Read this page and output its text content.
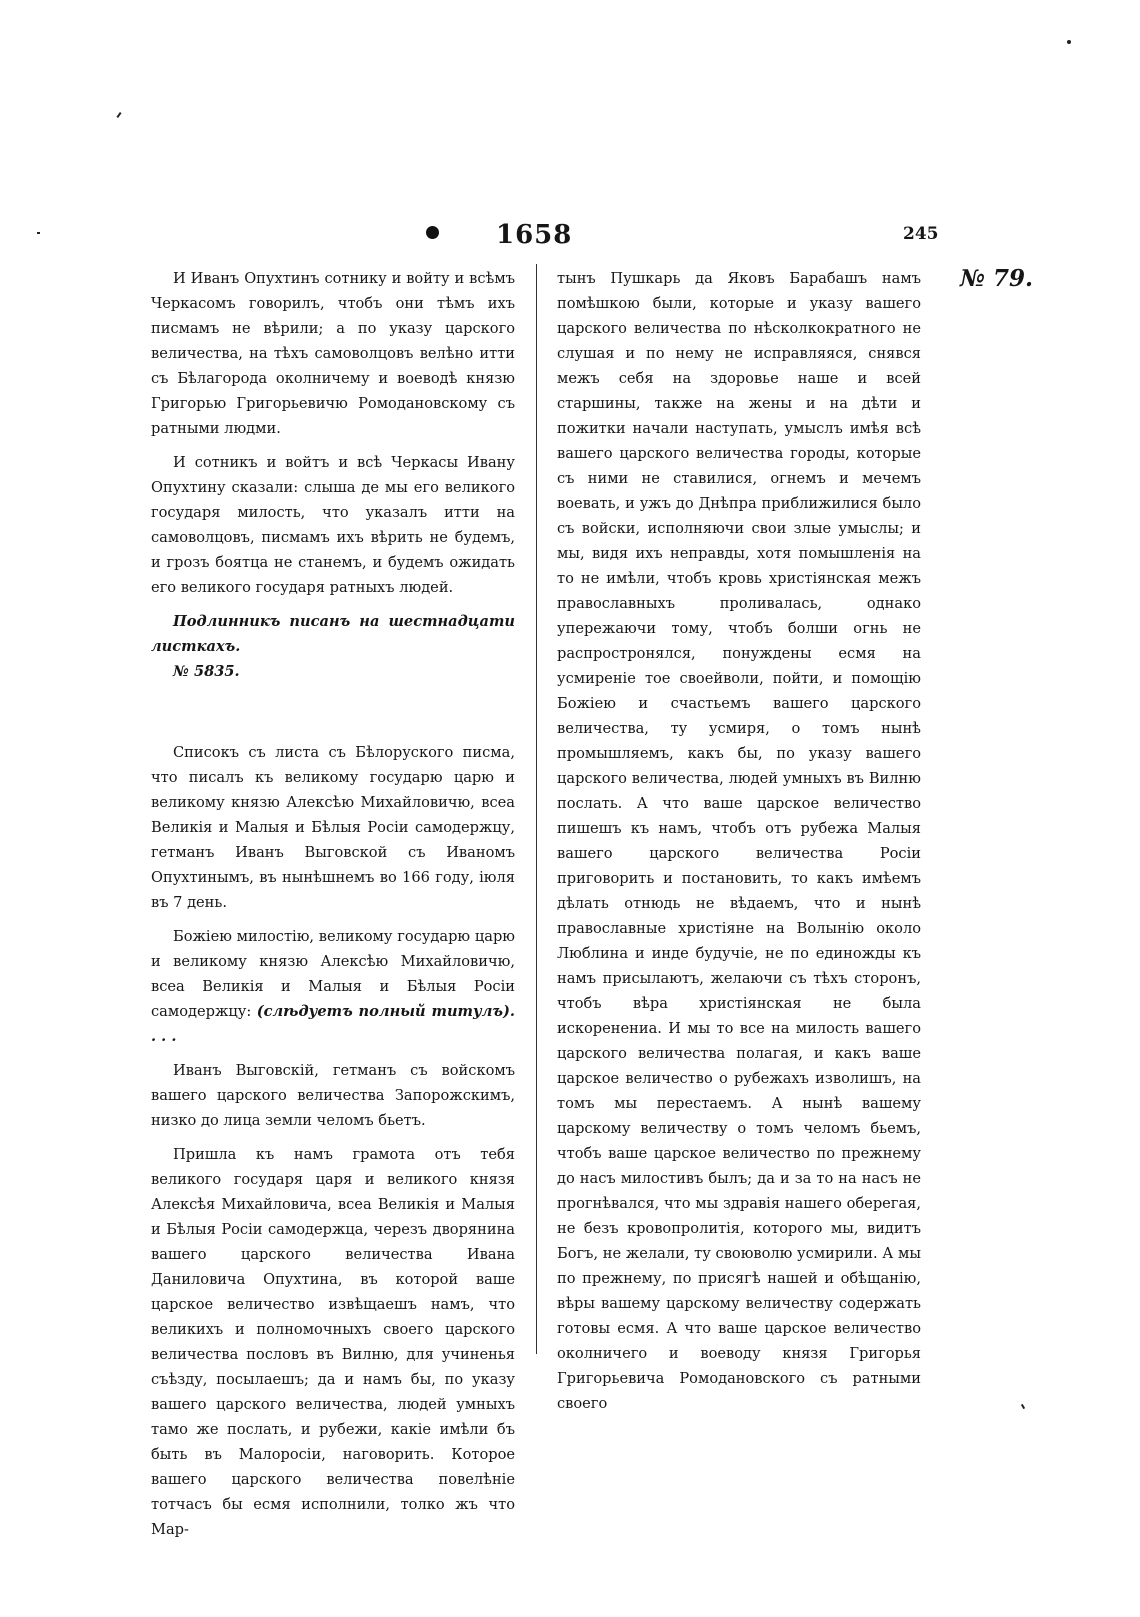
1658	245
№ 79.

И Иванъ Опухтинъ сотнику и войту и всѣмъ Черкасомъ говорилъ, чтобъ они тѣмъ ихъ писмамъ не вѣрили; а по указу царского величества, на тѣхъ самоволцовъ велѣно итти съ Бѣлагорода околничему и воеводѣ князю Григорью Григорьевичю Ромодановскому съ ратными людми.

И сотникъ и войтъ и всѣ Черкасы Ивану Опухтину сказали: слыша де мы его великого государя милость, что указалъ итти на самоволцовъ, писмамъ ихъ вѣрить не будемъ, и грозъ боятца не станемъ, и будемъ ожидать его великого государя ратныхъ людей.

Подлинникъ писанъ на шестнадцати листкахъ.
№ 5835.

Списокъ съ листа съ Бѣлоруского писма, что писалъ къ великому государю царю и великому князю Алексѣю Михайловичю, всеа Великія и Малыя и Бѣлыя Росіи самодержцу, гетманъ Иванъ Выговской съ Иваномъ Опухтинымъ, въ нынѣшнемъ во 166 году, іюля въ 7 день.

Божіею милостію, великому государю царю и великому князю Алексѣю Михайловичю, всеа Великія и Малыя и Бѣлыя Росіи самодержцу: (слѣдуетъ полный титулъ). . . .

Иванъ Выговскій, гетманъ съ войскомъ вашего царского величества Запорожскимъ, низко до лица земли челомъ бьетъ.

Пришла къ намъ грамота отъ тебя великого государя царя и великого князя Алексѣя Михайловича, всеа Великія и Малыя и Бѣлыя Росіи самодержца, черезъ дворянина вашего царского величества Ивана Даниловича Опухтина, въ которой ваше царское величество извѣщаешъ намъ, что великихъ и полномочныхъ своего царского величества пословъ въ Вилню, для учиненья съѣзду, посылаешъ; да и намъ бы, по указу вашего царского величества, людей умныхъ тамо же послать, и рубежи, какіе имѣли бъ быть въ Малоросіи, наговорить. Которое вашего царского величества повелѣніе тотчасъ бы есмя исполнили, толко жъ что Мар-

тынъ Пушкарь да Яковъ Барабашъ намъ помѣшкою были, которые и указу вашего царского величества по нѣсколкократного не слушая и по нему не исправляяся, снявся межъ себя на здоровье наше и всей старшины, также на жены и на дѣти и пожитки начали наступать, умыслъ имѣя всѣ вашего царского величества городы, которые съ ними не ставилися, огнемъ и мечемъ воевать, и ужъ до Днѣпра приближилися было съ войски, исполняючи свои злые умыслы; и мы, видя ихъ неправды, хотя помышленія на то не имѣли, чтобъ кровь христіянская межъ православныхъ проливалась, однако упережаючи тому, чтобъ болши огнь не распростронялся, понуждены есмя на усмиреніе тое своейволи, пойти, и помощію Божіею и счастьемъ вашего царского величества, ту усмиря, о томъ нынѣ промышляемъ, какъ бы, по указу вашего царского величества, людей умныхъ въ Вилню послать. А что ваше царское величество пишешъ къ намъ, чтобъ отъ рубежа Малыя вашего царского величества Росіи приговорить и постановить, то какъ имѣемъ дѣлать отнюдь не вѣдаемъ, что и нынѣ православные христіяне на Волынію около Люблина и инде будучіе, не по единожды къ намъ присылаютъ, желаючи съ тѣхъ сторонъ, чтобъ вѣра христіянская не была искоренениа. И мы то все на милость вашего царского величества полагая, и какъ ваше царское величество о рубежахъ изволишъ, на томъ мы перестаемъ. А нынѣ вашему царскому величеству о томъ челомъ бьемъ, чтобъ ваше царское величество по прежнему до насъ милостивъ былъ; да и за то на насъ не прогнѣвался, что мы здравія нашего оберегая, не безъ кровопролитія, которого мы, видитъ Богъ, не желали, ту своюволю усмирили. А мы по прежнему, по присягѣ нашей и обѣщанію, вѣры вашему царскому величеству содержать готовы есмя. А что ваше царское величество околничего и воеводу князя Григорья Григорьевича Ромодановского съ ратными своего
